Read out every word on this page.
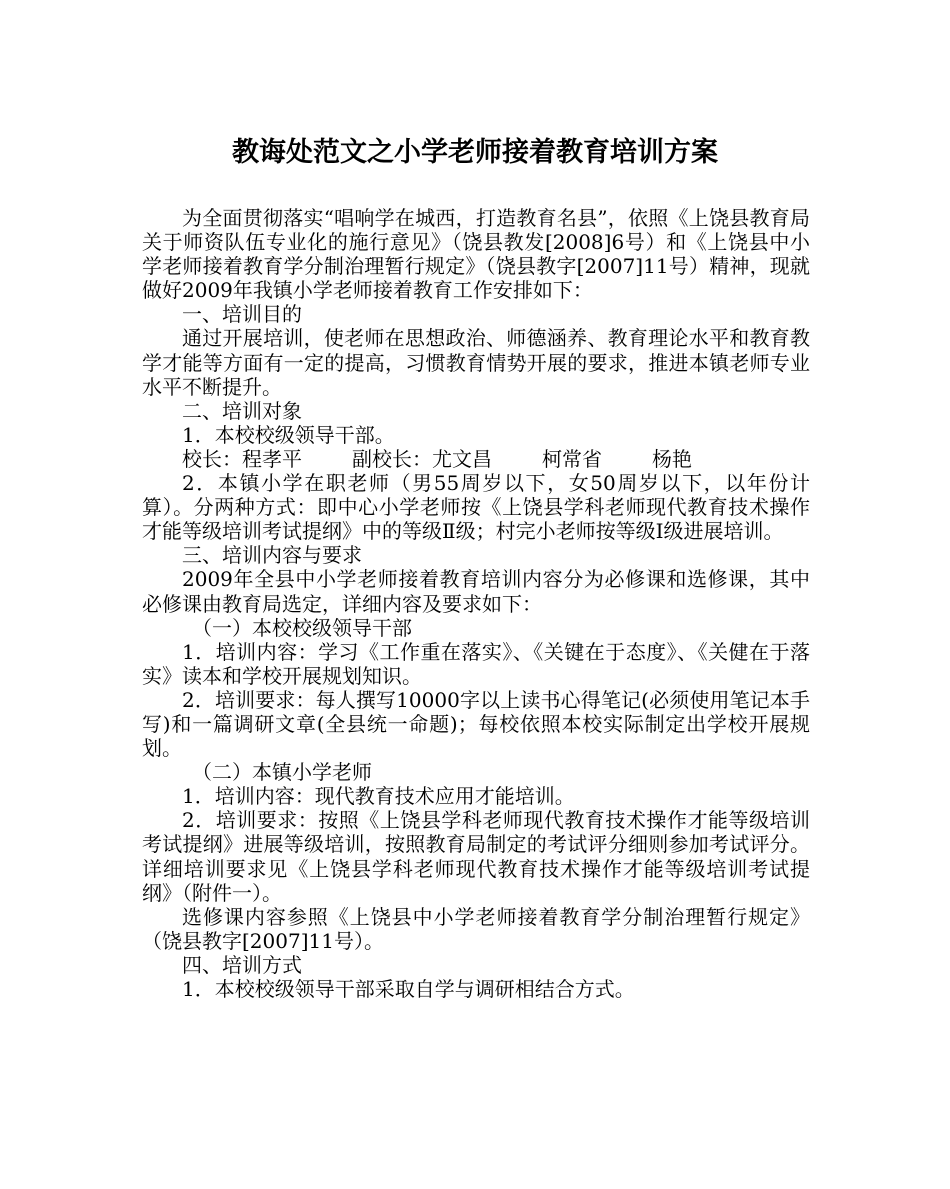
教诲处范文之小学老师接着教育培训方案

为全面贯彻落实“唱响学在城西，打造教育名县”，依照《上饶县教育局关于师资队伍专业化的施行意见》（饶县教发[2008]6号）和《上饶县中小学老师接着教育学分制治理暂行规定》（饶县教字[2007]11号）精神，现就做好2009年我镇小学老师接着教育工作安排如下：

一、培训目的

通过开展培训，使老师在思想政治、师德涵养、教育理论水平和教育教学才能等方面有一定的提高，习惯教育情势开展的要求，推进本镇老师专业水平不断提升。

二、培训对象

1．本校校级领导干部。

校长：程孝平	副校长：尤文昌	柯常省	杨艳

2．本镇小学在职老师（男55周岁以下，女50周岁以下，以年份计算）。分两种方式：即中心小学老师按《上饶县学科老师现代教育技术操作才能等级培训考试提纲》中的等级Ⅱ级；村完小老师按等级Ⅰ级进展培训。

三、培训内容与要求

2009年全县中小学老师接着教育培训内容分为必修课和选修课，其中必修课由教育局选定，详细内容及要求如下：

（一）本校校级领导干部

1．培训内容：学习《工作重在落实》、《关键在于态度》、《关健在于落实》读本和学校开展规划知识。

2．培训要求：每人撰写10000字以上读书心得笔记(必须使用笔记本手写)和一篇调研文章(全县统一命题)；每校依照本校实际制定出学校开展规划。

（二）本镇小学老师

1．培训内容：现代教育技术应用才能培训。

2．培训要求：按照《上饶县学科老师现代教育技术操作才能等级培训考试提纲》进展等级培训，按照教育局制定的考试评分细则参加考试评分。详细培训要求见《上饶县学科老师现代教育技术操作才能等级培训考试提纲》（附件一）。

选修课内容参照《上饶县中小学老师接着教育学分制治理暂行规定》（饶县教字[2007]11号）。

四、培训方式

1．本校校级领导干部采取自学与调研相结合方式。
